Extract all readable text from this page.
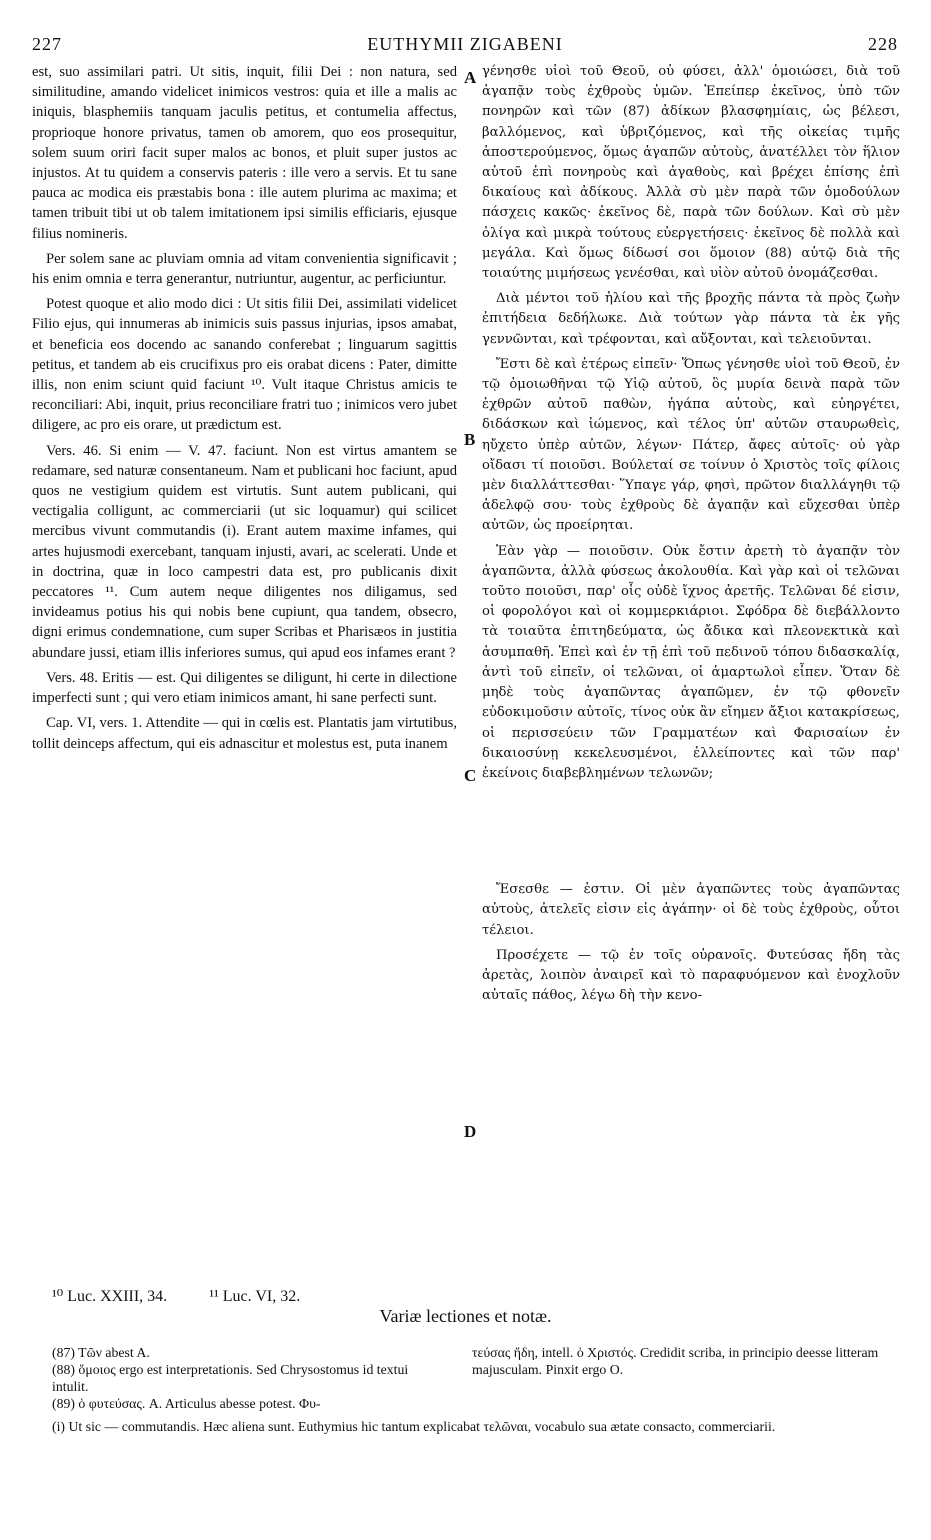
227	EUTHYMII ZIGABENI	228
A
B
C
D

est, suo assimilari patri. Ut sitis, inquit, filii Dei : non natura, sed similitudine, amando videlicet inimicos vestros: quia et ille a malis ac iniquis, blasphemiis tanquam jaculis petitus, et contumelia affectus, proprioque honore privatus, tamen ob amorem, quo eos prosequitur, solem suum oriri facit super malos ac bonos, et pluit super justos ac injustos. At tu quidem a conservis pateris : ille vero a servis. Et tu sane pauca ac modica eis præstabis bona : ille autem plurima ac maxima; et tamen tribuit tibi ut ob talem imitationem ipsi similis efficiaris, ejusque filius nomineris.

Per solem sane ac pluviam omnia ad vitam convenientia significavit ; his enim omnia e terra generantur, nutriuntur, augentur, ac perficiuntur.

Potest quoque et alio modo dici : Ut sitis filii Dei, assimilati videlicet Filio ejus, qui innumeras ab inimicis suis passus injurias, ipsos amabat, et beneficia eos docendo ac sanando conferebat ; linguarum sagittis petitus, et tandem ab eis crucifixus pro eis orabat dicens : Pater, dimitte illis, non enim sciunt quid faciunt ¹⁰. Vult itaque Christus amicis te reconciliari: Abi, inquit, prius reconciliare fratri tuo ; inimicos vero jubet diligere, ac pro eis orare, ut prædictum est.

Vers. 46. Si enim — V. 47. faciunt. Non est virtus amantem se redamare, sed naturæ consentaneum. Nam et publicani hoc faciunt, apud quos ne vestigium quidem est virtutis. Sunt autem publicani, qui vectigalia colligunt, ac commerciarii (ut sic loquamur) qui scilicet mercibus vivunt commutandis (i). Erant autem maxime infames, qui artes hujusmodi exercebant, tanquam injusti, avari, ac scelerati. Unde et in doctrina, quæ in loco campestri data est, pro publicanis dixit peccatores ¹¹. Cum autem neque diligentes nos diligamus, sed invideamus potius his qui nobis bene cupiunt, qua tandem, obsecro, digni erimus condemnatione, cum super Scribas et Pharisæos in justitia abundare jussi, etiam illis inferiores sumus, qui apud eos infames erant ?

Vers. 48. Eritis — est. Qui diligentes se diligunt, hi certe in dilectione imperfecti sunt ; qui vero etiam inimicos amant, hi sane perfecti sunt.

Cap. VI, vers. 1. Attendite — qui in cœlis est. Plantatis jam virtutibus, tollit deinceps affectum, qui eis adnascitur et molestus est, puta inanem

γένησθε υἱοὶ τοῦ Θεοῦ, οὐ φύσει, ἀλλ' ὁμοιώσει, διὰ τοῦ ἀγαπᾷν τοὺς ἐχθροὺς ὑμῶν. Ἐπείπερ ἐκεῖνος, ὑπὸ τῶν πονηρῶν καὶ τῶν (87) ἀδίκων βλασφημίαις, ὡς βέλεσι, βαλλόμενος, καὶ ὑβριζόμενος, καὶ τῆς οἰκείας τιμῆς ἀποστερούμενος, ὅμως ἀγαπῶν αὐτοὺς, ἀνατέλλει τὸν ἥλιον αὐτοῦ ἐπὶ πονηροὺς καὶ ἀγαθοὺς, καὶ βρέχει ἐπίσης ἐπὶ δικαίους καὶ ἀδίκους. Ἀλλὰ σὺ μὲν παρὰ τῶν ὁμοδούλων πάσχεις κακῶς· ἐκεῖνος δὲ, παρὰ τῶν δούλων. Καὶ σὺ μὲν ὀλίγα καὶ μικρὰ τούτους εὐεργετήσεις· ἐκεῖνος δὲ πολλὰ καὶ μεγάλα. Καὶ ὅμως δίδωσί σοι ὅμοιον (88) αὐτῷ διὰ τῆς τοιαύτης μιμήσεως γενέσθαι, καὶ υἱὸν αὐτοῦ ὀνομάζεσθαι.

Διὰ μέντοι τοῦ ἡλίου καὶ τῆς βροχῆς πάντα τὰ πρὸς ζωὴν ἐπιτήδεια δεδήλωκε. Διὰ τούτων γὰρ πάντα τὰ ἐκ γῆς γεννῶνται, καὶ τρέφονται, καὶ αὔξονται, καὶ τελειοῦνται.

Ἔστι δὲ καὶ ἑτέρως εἰπεῖν· Ὅπως γένησθε υἱοὶ τοῦ Θεοῦ, ἐν τῷ ὁμοιωθῆναι τῷ Υἱῷ αὐτοῦ, ὃς μυρία δεινὰ παρὰ τῶν ἐχθρῶν αὐτοῦ παθὼν, ἠγάπα αὐτοὺς, καὶ εὐηργέτει, διδάσκων καὶ ἰώμενος, καὶ τέλος ὑπ' αὐτῶν σταυρωθεὶς, ηὔχετο ὑπὲρ αὐτῶν, λέγων· Πάτερ, ἄφες αὐτοῖς· οὐ γὰρ οἴδασι τί ποιοῦσι. Βούλεταί σε τοίνυν ὁ Χριστὸς τοῖς φίλοις μὲν διαλλάττεσθαι· Ὕπαγε γάρ, φησὶ, πρῶτον διαλλάγηθι τῷ ἀδελφῷ σου· τοὺς ἐχθροὺς δὲ ἀγαπᾷν καὶ εὔχεσθαι ὑπὲρ αὐτῶν, ὡς προείρηται.

Ἐὰν γὰρ — ποιοῦσιν. Οὐκ ἔστιν ἀρετὴ τὸ ἀγαπᾷν τὸν ἀγαπῶντα, ἀλλὰ φύσεως ἀκολουθία. Καὶ γὰρ καὶ οἱ τελῶναι τοῦτο ποιοῦσι, παρ' οἷς οὐδὲ ἴχνος ἀρετῆς. Τελῶναι δέ εἰσιν, οἱ φορολόγοι καὶ οἱ κομμερκιάριοι. Σφόδρα δὲ διεβάλλοντο τὰ τοιαῦτα ἐπιτηδεύματα, ὡς ἄδικα καὶ πλεονεκτικὰ καὶ ἀσυμπαθῆ. Ἐπεὶ καὶ ἐν τῇ ἐπὶ τοῦ πεδινοῦ τόπου διδασκαλίᾳ, ἀντὶ τοῦ εἰπεῖν, οἱ τελῶναι, οἱ ἁμαρτωλοὶ εἶπεν. Ὅταν δὲ μηδὲ τοὺς ἀγαπῶντας ἀγαπῶμεν, ἐν τῷ φθονεῖν εὐδοκιμοῦσιν αὐτοῖς, τίνος οὐκ ἂν εἴημεν ἄξιοι κατακρίσεως, οἱ περισσεύειν τῶν Γραμματέων καὶ Φαρισαίων ἐν δικαιοσύνῃ κεκελευσμένοι, ἐλλείποντες καὶ τῶν παρ' ἐκείνοις διαβεβλημένων τελωνῶν;

Ἔσεσθε — ἐστιν. Οἱ μὲν ἀγαπῶντες τοὺς ἀγαπῶντας αὐτοὺς, ἀτελεῖς εἰσιν εἰς ἀγάπην· οἱ δὲ τοὺς ἐχθροὺς, οὗτοι τέλειοι.

Προσέχετε — τῷ ἐν τοῖς οὐρανοῖς. Φυτεύσας ἤδη τὰς ἀρετὰς, λοιπὸν ἀναιρεῖ καὶ τὸ παραφυόμενον καὶ ἐνοχλοῦν αὐταῖς πάθος, λέγω δὴ τὴν κενο-

¹⁰ Luc. XXIII, 34.	¹¹ Luc. VI, 32.
Variæ lectiones et notæ.

(87) Τῶν abest A.

(88) ὅμοιος ergo est interpretationis. Sed Chrysostomus id textui intulit.

(89) ὁ φυτεύσας. A. Articulus abesse potest. Φυ-

τεύσας ἤδη, intell. ὁ Χριστός. Credidit scriba, in principio deesse litteram majusculam. Pinxit ergo O.

(i) Ut sic — commutandis. Hæc aliena sunt. Euthymius hic tantum explicabat τελῶναι, vocabulo sua ætate consacto, commerciarii.
